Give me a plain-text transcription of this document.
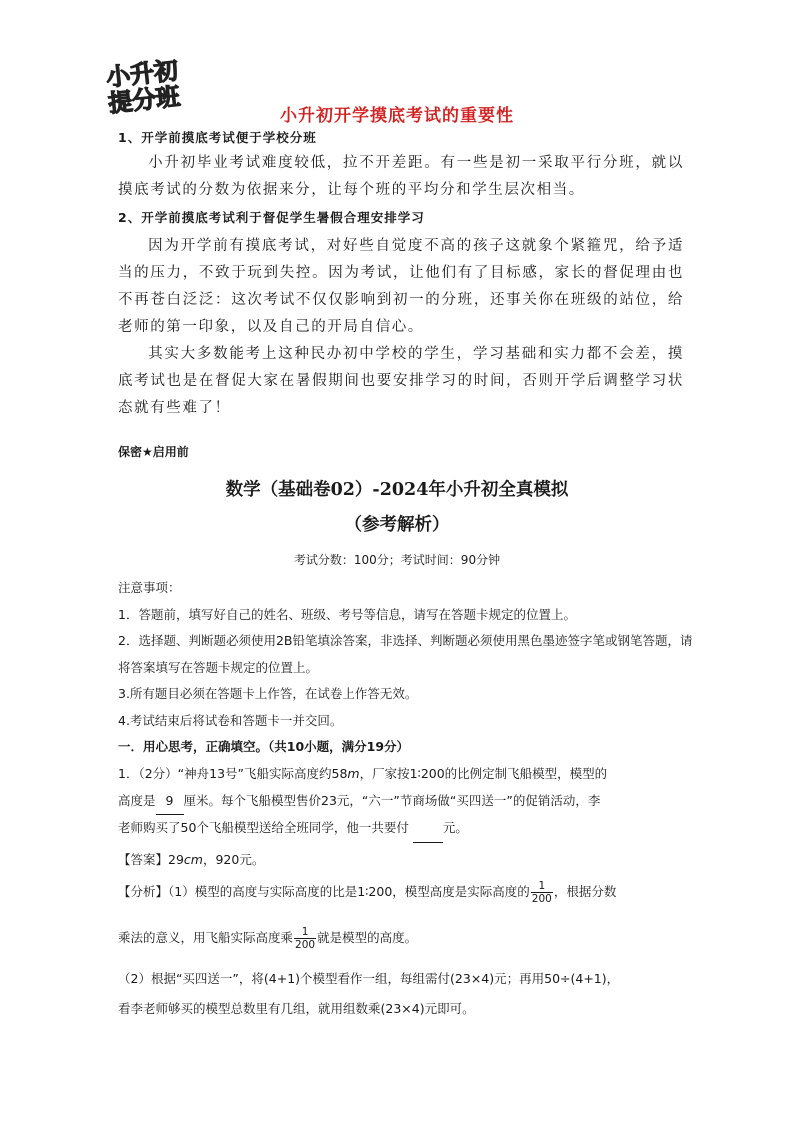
小升初
提分班	小升初开学摸底考试的重要性
1、开学前摸底考试便于学校分班
小升初毕业考试难度较低，拉不开差距。有一些是初一采取平行分班，就以摸底考试的分数为依据来分，让每个班的平均分和学生层次相当。
2、开学前摸底考试利于督促学生暑假合理安排学习
因为开学前有摸底考试，对好些自觉度不高的孩子这就象个紧箍咒，给予适当的压力，不致于玩到失控。因为考试，让他们有了目标感，家长的督促理由也不再苍白泛泛：这次考试不仅仅影响到初一的分班，还事关你在班级的站位，给老师的第一印象，以及自己的开局自信心。
其实大多数能考上这种民办初中学校的学生，学习基础和实力都不会差，摸底考试也是在督促大家在暑假期间也要安排学习的时间，否则开学后调整学习状态就有些难了！
保密★启用前
数学（基础卷02）-2024年小升初全真模拟
（参考解析）
考试分数：100分；考试时间：90分钟
注意事项：
1．答题前，填写好自己的姓名、班级、考号等信息，请写在答题卡规定的位置上。
2．选择题、判断题必须使用2B铅笔填涂答案，非选择、判断题必须使用黑色墨迹签字笔或钢笔答题，请将答案填写在答题卡规定的位置上。
3.所有题目必须在答题卡上作答，在试卷上作答无效。
4.考试结束后将试卷和答题卡一并交回。
一．用心思考，正确填空。（共10小题，满分19分）
1．（2分）“神舟13号”飞船实际高度约58m，厂家按1∶200的比例定制飞船模型，模型的
高度是 9 厘米。每个飞船模型售价23元，“六一”节商场做“买四送一”的促销活动，李
老师购买了50个飞船模型送给全班同学，他一共要付	元。
【答案】29cm，920元。
【分析】（1）模型的高度与实际高度的比是1∶200，模型高度是实际高度的 $\frac{1}{200}$ ，根据分数
乘法的意义，用飞船实际高度乘 $\frac{1}{200}$ 就是模型的高度。
（2）根据“买四送一”，将(4+1)个模型看作一组，每组需付(23×4)元；再用50÷(4+1)，
看李老师够买的模型总数里有几组，就用组数乘(23×4)元即可。
